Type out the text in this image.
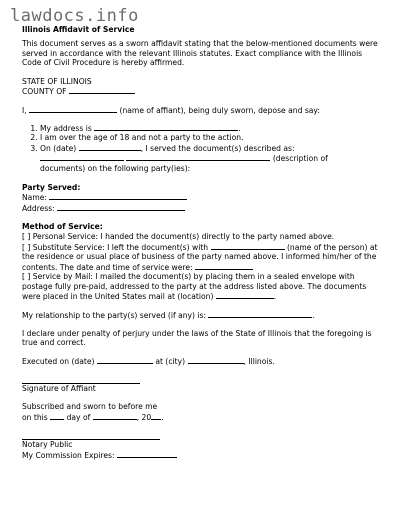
lawdocs.info

Illinois Affidavit of Service

This document serves as a sworn affidavit stating that the below-mentioned documents were served in accordance with the relevant Illinois statutes. Exact compliance with the Illinois Code of Civil Procedure is hereby affirmed.

STATE OF ILLINOIS

COUNTY OF

I,	(name of affiant), being duly sworn, depose and say:

1. My address is	.
2. I am over the age of 18 and not a party to the action.
3. On (date)	, I served the document(s) described as:

(description of

documents) on the following party(ies):

Party Served:

Name:

Address:

Method of Service:

[ ] Personal Service: I handed the document(s) directly to the party named above.

[ ] Substitute Service: I left the document(s) with	(name of the person) at the residence or usual place of business of the party named above. I informed him/her of the contents. The date and time of service were:

[ ] Service by Mail: I mailed the document(s) by placing them in a sealed envelope with postage fully pre-paid, addressed to the party at the address listed above. The documents were placed in the United States mail at (location)	.

My relationship to the party(s) served (if any) is:	.

I declare under penalty of perjury under the laws of the State of Illinois that the foregoing is true and correct.

Executed on (date)	at (city)	, Illinois.

Signature of Affiant

Subscribed and sworn to before me

on this day of	, 20 .

Notary Public

My Commission Expires:
